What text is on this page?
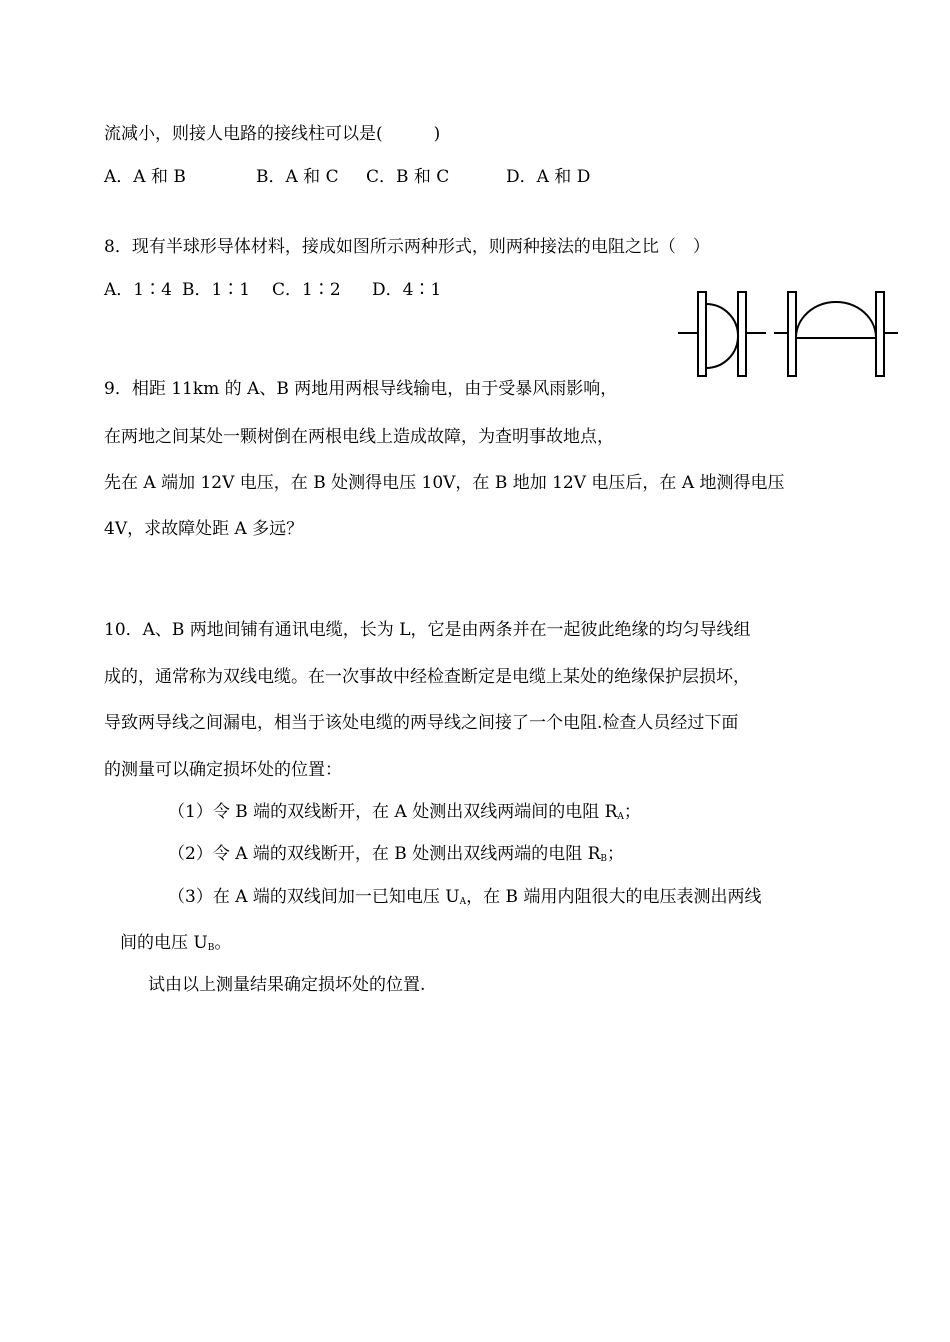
流减小，则接人电路的接线柱可以是(　　　)
A．A 和 B	B．A 和 C C．B 和 C	D．A 和 D
8．现有半球形导体材料，接成如图所示两种形式，则两种接法的电阻之比（　）
A．1∶4 B．1∶1 C．1∶2 D．4∶1
9．相距 11km 的 A、B 两地用两根导线输电，由于受暴风雨影响，
在两地之间某处一颗树倒在两根电线上造成故障，为查明事故地点，
先在 A 端加 12V 电压，在 B 处测得电压 10V，在 B 地加 12V 电压后，在 A 地测得电压
4V，求故障处距 A 多远？
10．A、B 两地间铺有通讯电缆，长为 L，它是由两条并在一起彼此绝缘的均匀导线组
成的，通常称为双线电缆。在一次事故中经检查断定是电缆上某处的绝缘保护层损坏，
导致两导线之间漏电，相当于该处电缆的两导线之间接了一个电阻.检查人员经过下面
的测量可以确定损坏处的位置：
（1）令 B 端的双线断开，在 A 处测出双线两端间的电阻 $R_A$；
（2）令 A 端的双线断开，在 B 处测出双线两端的电阻 $R_B$；
（3）在 A 端的双线间加一已知电压 $U_A$，在 B 端用内阻很大的电压表测出两线
间的电压 $U_B$。
试由以上测量结果确定损坏处的位置.
